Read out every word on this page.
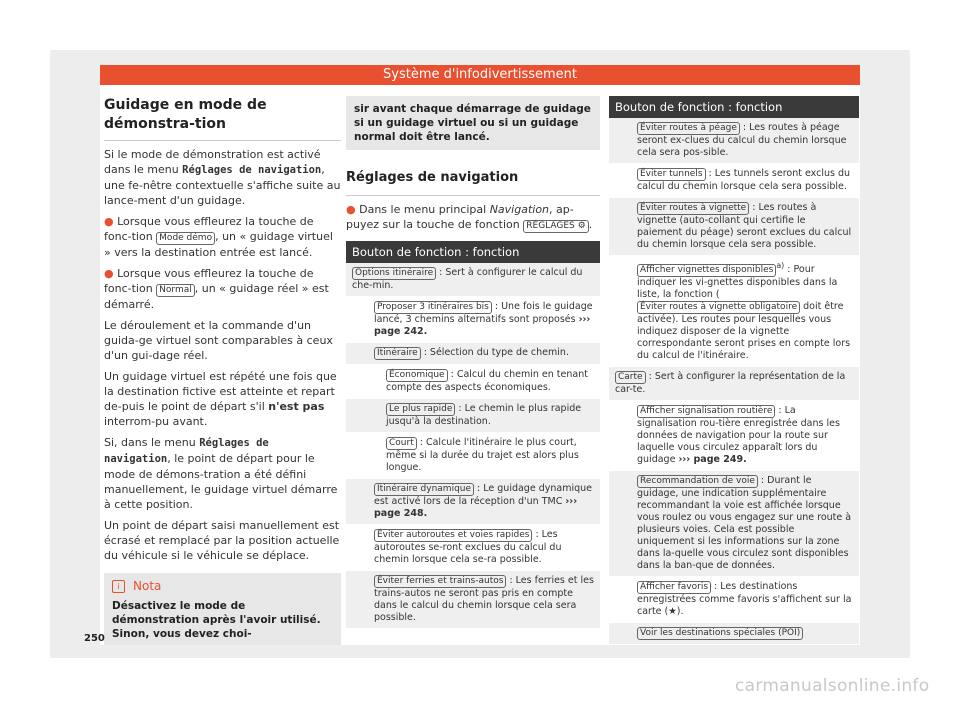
Système d'infodivertissement
Guidage en mode de démonstra-tion
Si le mode de démonstration est activé dans le menu Réglages de navigation, une fe-nêtre contextuelle s'affiche suite au lance-ment d'un guidage.
● Lorsque vous effleurez la touche de fonc-tion Mode démo , un « guidage virtuel » vers la destination entrée est lancé.
● Lorsque vous effleurez la touche de fonc-tion Normal , un « guidage réel » est démarré.
Le déroulement et la commande d'un guida-ge virtuel sont comparables à ceux d'un gui-dage réel.
Un guidage virtuel est répété une fois que la destination fictive est atteinte et repart de-puis le point de départ s'il n'est pas interrom-pu avant.
Si, dans le menu Réglages de navigation, le point de départ pour le mode de démons-tration a été défini manuellement, le guidage virtuel démarre à cette position.
Un point de départ saisi manuellement est écrasé et remplacé par la position actuelle du véhicule si le véhicule se déplace.
i	Nota
Désactivez le mode de démonstration après l'avoir utilisé. Sinon, vous devez choi-
sir avant chaque démarrage de guidage si un guidage virtuel ou si un guidage normal doit être lancé.
Réglages de navigation
● Dans le menu principal Navigation, ap-puyez sur la touche de fonction RÉGLAGES ⚙ .
Bouton de fonction : fonction
Options itinéraire : Sert à configurer le calcul du che-min.
Proposer 3 itinéraires bis : Une fois le guidage lancé, 3 chemins alternatifs sont proposés ››› page 242.
Itinéraire : Sélection du type de chemin.
Économique : Calcul du chemin en tenant compte des aspects économiques.
Le plus rapide : Le chemin le plus rapide jusqu'à la destination.
Court : Calcule l'itinéraire le plus court, même si la durée du trajet est alors plus longue.
Itinéraire dynamique : Le guidage dynamique est activé lors de la réception d'un TMC ››› page 248.
Éviter autoroutes et voies rapides : Les autoroutes se-ront exclues du calcul du chemin lorsque cela se-ra possible.
Éviter ferries et trains-autos : Les ferries et les trains-autos ne seront pas pris en compte dans le calcul du chemin lorsque cela sera possible.
Bouton de fonction : fonction
Éviter routes à péage : Les routes à péage seront ex-clues du calcul du chemin lorsque cela sera pos-sible.
Éviter tunnels : Les tunnels seront exclus du calcul du chemin lorsque cela sera possible.
Éviter routes à vignette : Les routes à vignette (auto-collant qui certifie le paiement du péage) seront exclues du calcul du chemin lorsque cela sera possible.
Afficher vignettes disponibles $^{a)}$ : Pour indiquer les vi-gnettes disponibles dans la liste, la fonction (Éviter routes à vignette obligatoire doit être activée). Les routes pour lesquelles vous indiquez disposer de la vignette correspondante seront prises en compte lors du calcul de l'itinéraire.
Carte : Sert à configurer la représentation de la car-te.
Afficher signalisation routière : La signalisation rou-tière enregistrée dans les données de navigation pour la route sur laquelle vous circulez apparaît lors du guidage ››› page 249.
Recommandation de voie : Durant le guidage, une indication supplémentaire recommandant la voie est affichée lorsque vous roulez ou vous engagez sur une route à plusieurs voies. Cela est possible uniquement si les informations sur la zone dans la-quelle vous circulez sont disponibles dans la ban-que de données.
Afficher favoris : Les destinations enregistrées comme favoris s'affichent sur la carte (★).
Voir les destinations spéciales (POI)
250
carmanualsonline.info
